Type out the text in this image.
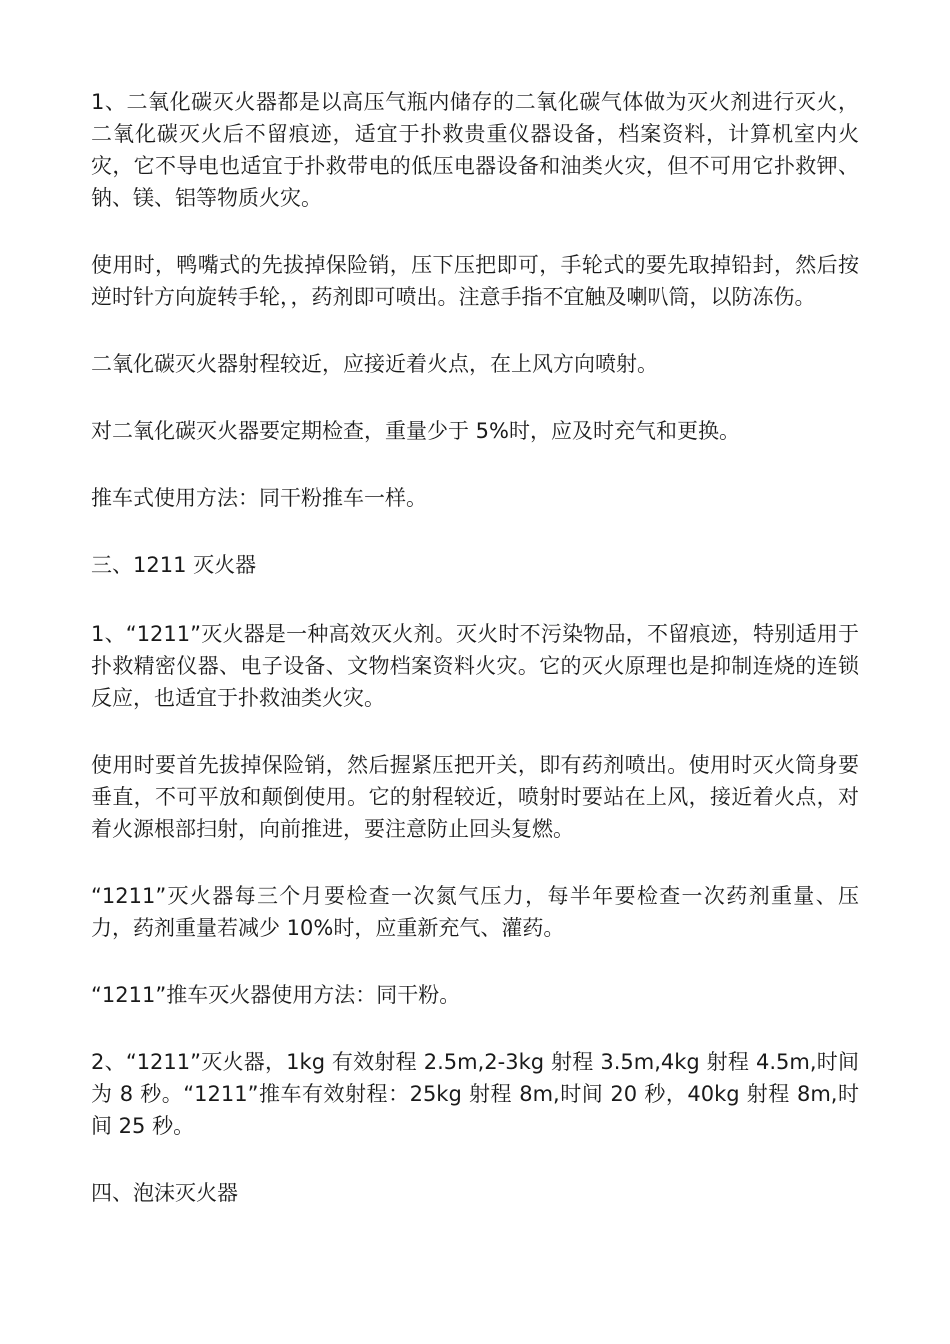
1、二氧化碳灭火器都是以高压气瓶内储存的二氧化碳气体做为灭火剂进行灭火，二氧化碳灭火后不留痕迹，适宜于扑救贵重仪器设备，档案资料，计算机室内火灾，它不导电也适宜于扑救带电的低压电器设备和油类火灾，但不可用它扑救钾、钠、镁、铝等物质火灾。

使用时，鸭嘴式的先拔掉保险销，压下压把即可，手轮式的要先取掉铅封，然后按逆时针方向旋转手轮，，药剂即可喷出。注意手指不宜触及喇叭筒，以防冻伤。

二氧化碳灭火器射程较近，应接近着火点，在上风方向喷射。

对二氧化碳灭火器要定期检查，重量少于 5%时，应及时充气和更换。

推车式使用方法：同干粉推车一样。

三、1211 灭火器

1、“1211”灭火器是一种高效灭火剂。灭火时不污染物品，不留痕迹，特别适用于扑救精密仪器、电子设备、文物档案资料火灾。它的灭火原理也是抑制连烧的连锁反应，也适宜于扑救油类火灾。

使用时要首先拔掉保险销，然后握紧压把开关，即有药剂喷出。使用时灭火筒身要垂直，不可平放和颠倒使用。它的射程较近，喷射时要站在上风，接近着火点，对着火源根部扫射，向前推进，要注意防止回头复燃。

“1211”灭火器每三个月要检查一次氮气压力，每半年要检查一次药剂重量、压力，药剂重量若减少 10%时，应重新充气、灌药。

“1211”推车灭火器使用方法：同干粉。

2、“1211”灭火器，1kg 有效射程 2.5m,2-3kg 射程 3.5m,4kg 射程 4.5m,时间为 8 秒。“1211”推车有效射程：25kg 射程 8m,时间 20 秒，40kg 射程 8m,时间 25 秒。

四、泡沫灭火器
